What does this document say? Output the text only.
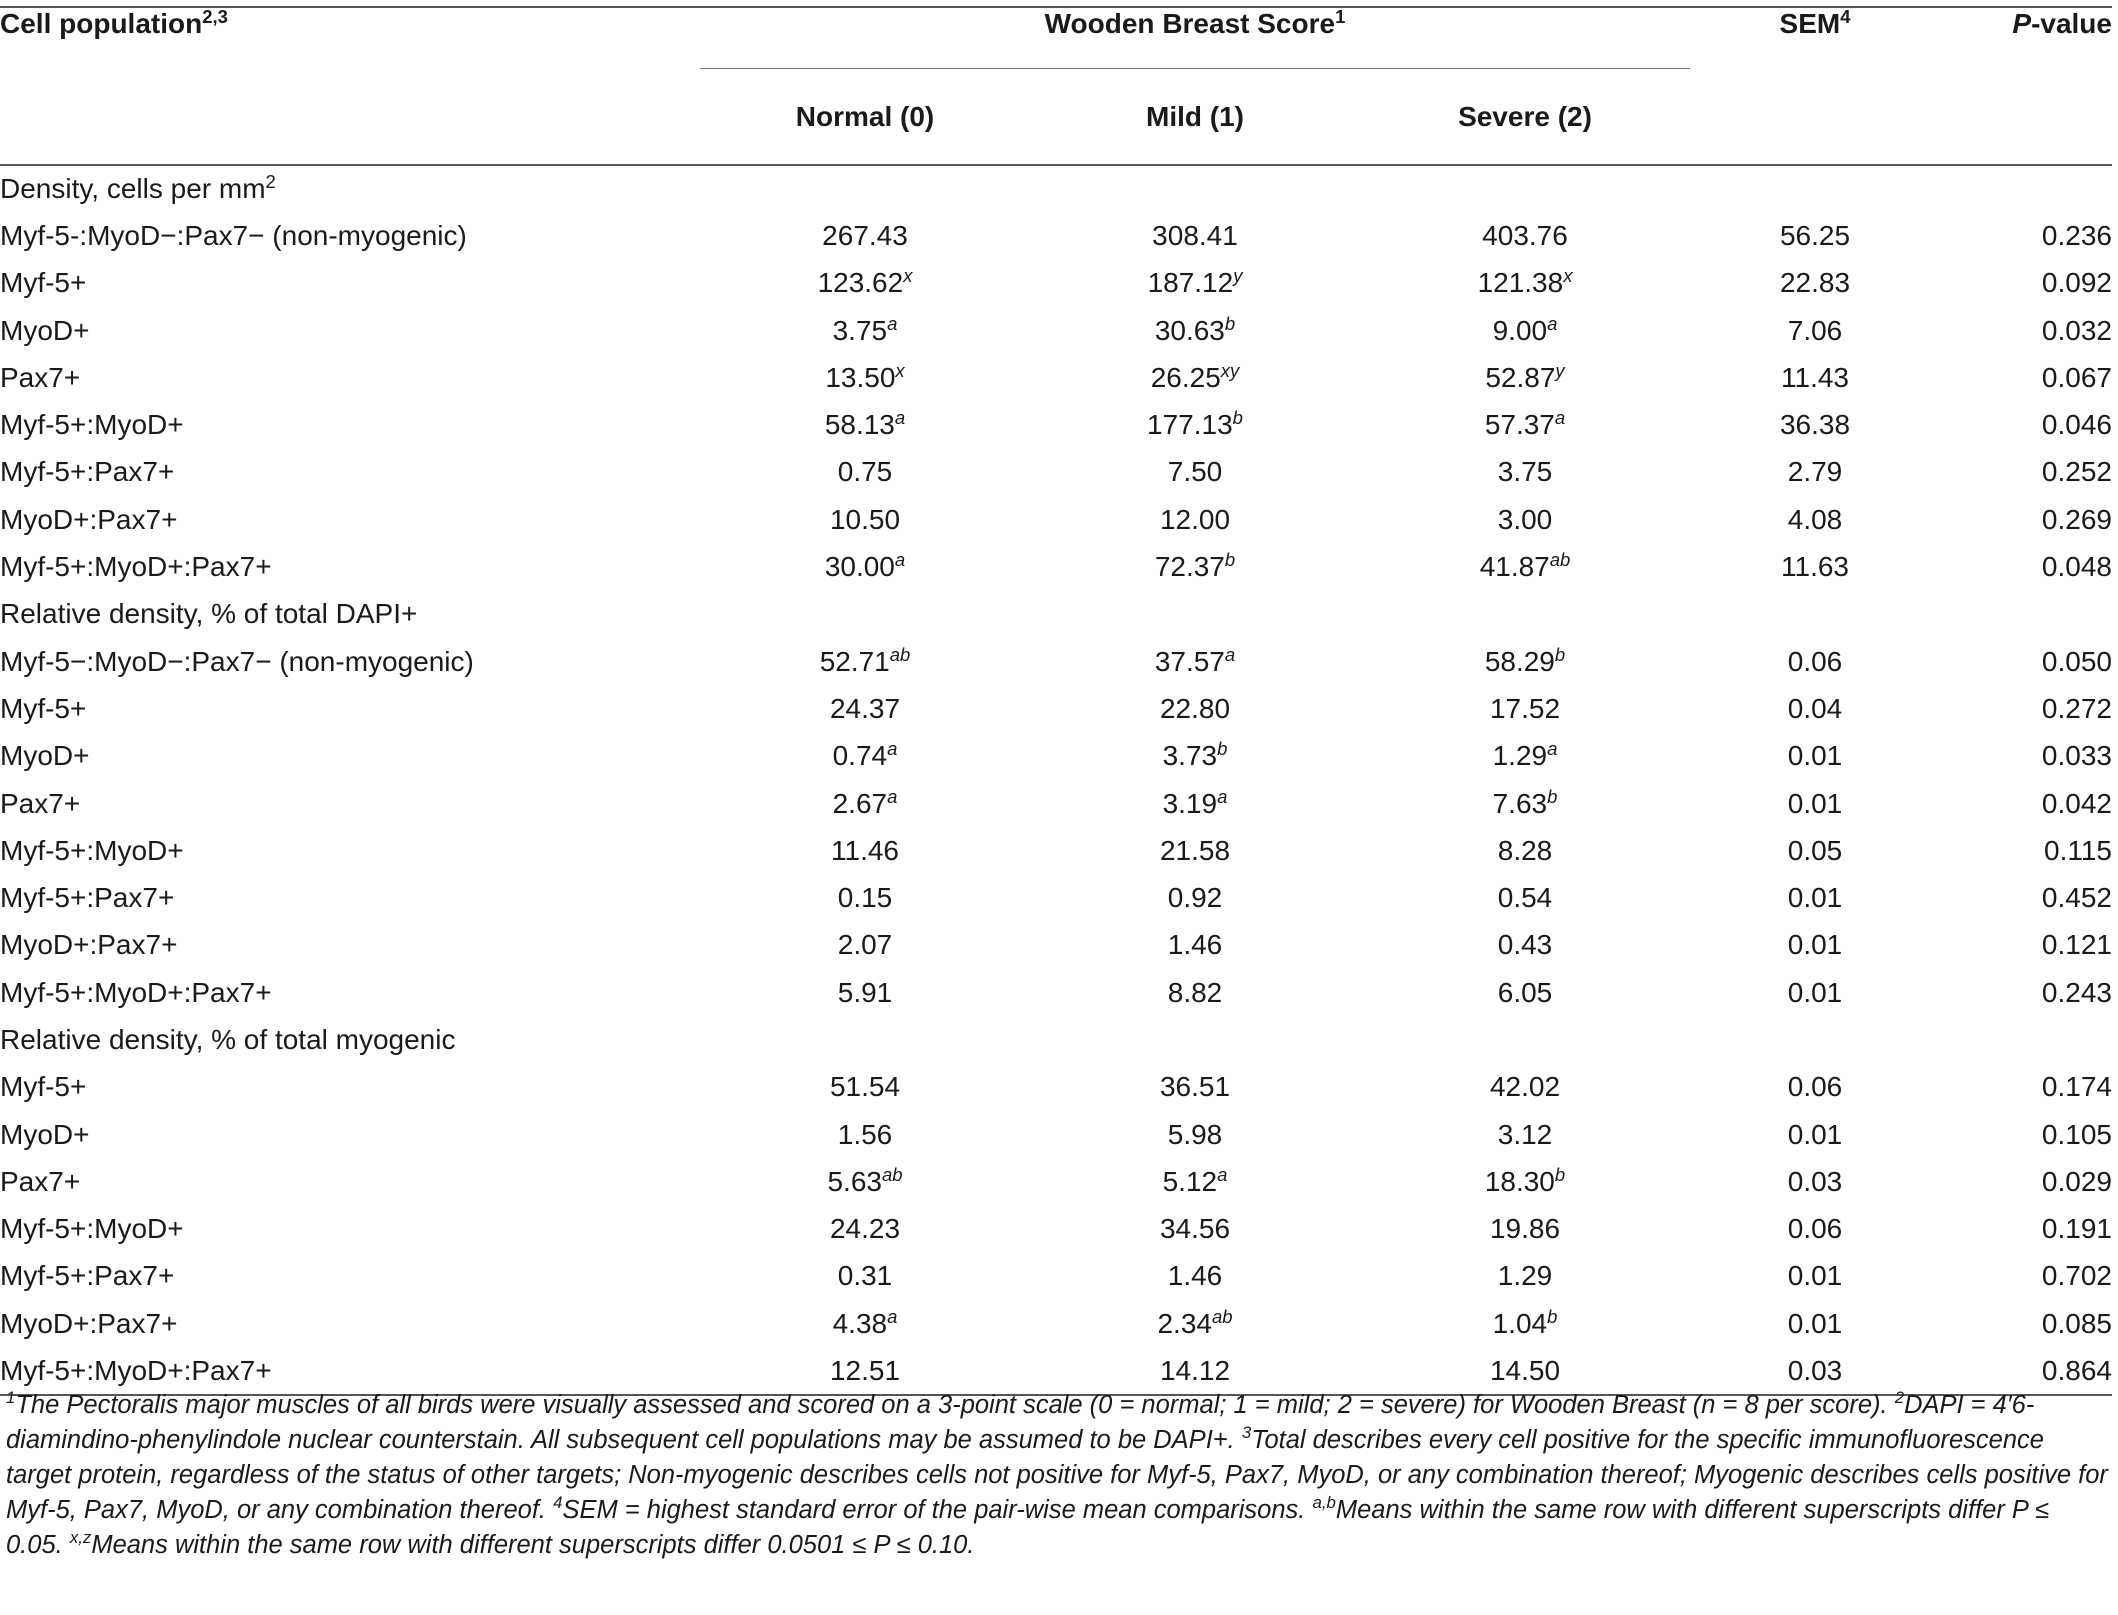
Cell population$^{2,3}$	Wooden Breast Score$^1$			SEM$^4$	P-value

	Normal (0)	Mild (1)	Severe (2)		

Density, cells per $mm^2$
Myf-5-:MyoD−:Pax7− (non-myogenic)	267.43	308.41	403.76	56.25	0.236
Myf-5+	$123.62^x$	187.12$^y$	121.38$^x$	22.83	0.092
MyoD+	3.75$^a$	30.63$^b$	9.00$^a$	7.06	0.032
Pax7+	$13.50^x$	$26.25^{xy}$	52.87$^y$	11.43	0.067
Myf-5+:MyoD+	58.13$^a$	177.13$^b$	57.37$^a$	36.38	0.046
Myf-5+:Pax7+	0.75	7.50	3.75	2.79	0.252
MyoD+:Pax7+	10.50	12.00	3.00	4.08	0.269
Myf-5+:MyoD+:Pax7+	30.00$^a$	72.37$^b$	41.87$^{ab}$	11.63	0.048
Relative density, % of total DAPI+					
Myf-5−:MyoD−:Pax7− (non-myogenic)	52.71$^{ab}$	37.57$^a$	58.29$^b$	0.06	0.050
Myf-5+	24.37	22.80	17.52	0.04	0.272
MyoD+	0.74$^a$	3.73$^b$	1.29$^a$	0.01	0.033
Pax7+	2.67$^a$	3.19$^a$	7.63$^b$	0.01	0.042
Myf-5+:MyoD+	11.46	21.58	8.28	0.05	0.115
Myf-5+:Pax7+	0.15	0.92	0.54	0.01	0.452
MyoD+:Pax7+	2.07	1.46	0.43	0.01	0.121
Myf-5+:MyoD+:Pax7+	5.91	8.82	6.05	0.01	0.243
Relative density, % of total myogenic					
Myf-5+	51.54	36.51	42.02	0.06	0.174
MyoD+	1.56	5.98	3.12	0.01	0.105
Pax7+	5.63$^{ab}$	5.12$^a$	18.30$^b$	0.03	0.029
Myf-5+:MyoD+	24.23	34.56	19.86	0.06	0.191
Myf-5+:Pax7+	0.31	1.46	1.29	0.01	0.702
MyoD+:Pax7+	4.38$^a$	2.34$^{ab}$	1.04$^b$	0.01	0.085
Myf-5+:MyoD+:Pax7+	12.51	14.12	14.50	0.03	0.864
$^1$The Pectoralis major muscles of all birds were visually assessed and scored on a 3-point scale (0 = normal; 1 = mild; 2 = severe) for Wooden Breast (n = 8 per score). $^2$DAPI = 4′6-diamindino-phenylindole nuclear counterstain. All subsequent cell populations may be assumed to be DAPI+. $^3$Total describes every cell positive for the specific immunofluorescence target protein, regardless of the status of other targets; Non-myogenic describes cells not positive for Myf-5, Pax7, MyoD, or any combination thereof; Myogenic describes cells positive for Myf-5, Pax7, MyoD, or any combination thereof. $^4$SEM = highest standard error of the pair-wise mean comparisons. $^{a,b}$Means within the same row with different superscripts differ P ≤ 0.05. $^{x,z}$Means within the same row with different superscripts differ 0.0501 ≤ P ≤ 0.10.
